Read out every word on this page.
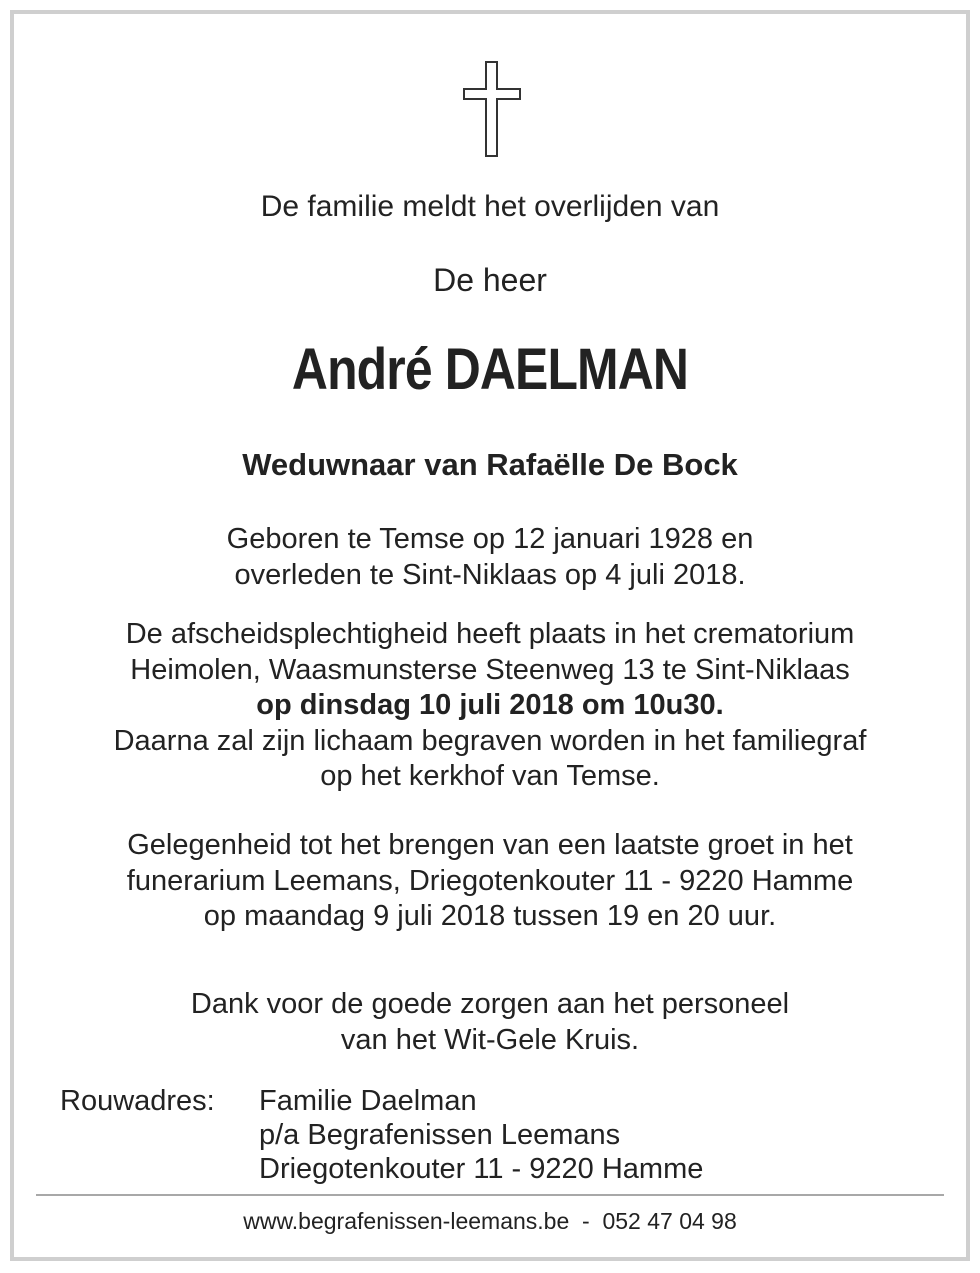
De familie meldt het overlijden van
De heer
André DAELMAN
Weduwnaar van Rafaëlle De Bock
Geboren te Temse op 12 januari 1928 en
overleden te Sint-Niklaas op 4 juli 2018.
De afscheidsplechtigheid heeft plaats in het crematorium
Heimolen, Waasmunsterse Steenweg 13 te Sint-Niklaas
op dinsdag 10 juli 2018 om 10u30.
Daarna zal zijn lichaam begraven worden in het familiegraf
op het kerkhof van Temse.
Gelegenheid tot het brengen van een laatste groet in het
funerarium Leemans, Driegotenkouter 11 - 9220 Hamme
op maandag 9 juli 2018 tussen 19 en 20 uur.
Dank voor de goede zorgen aan het personeel
van het Wit-Gele Kruis.
Rouwadres: Familie Daelman
p/a Begrafenissen Leemans
Driegotenkouter 11 - 9220 Hamme
www.begrafenissen-leemans.be  -  052 47 04 98
